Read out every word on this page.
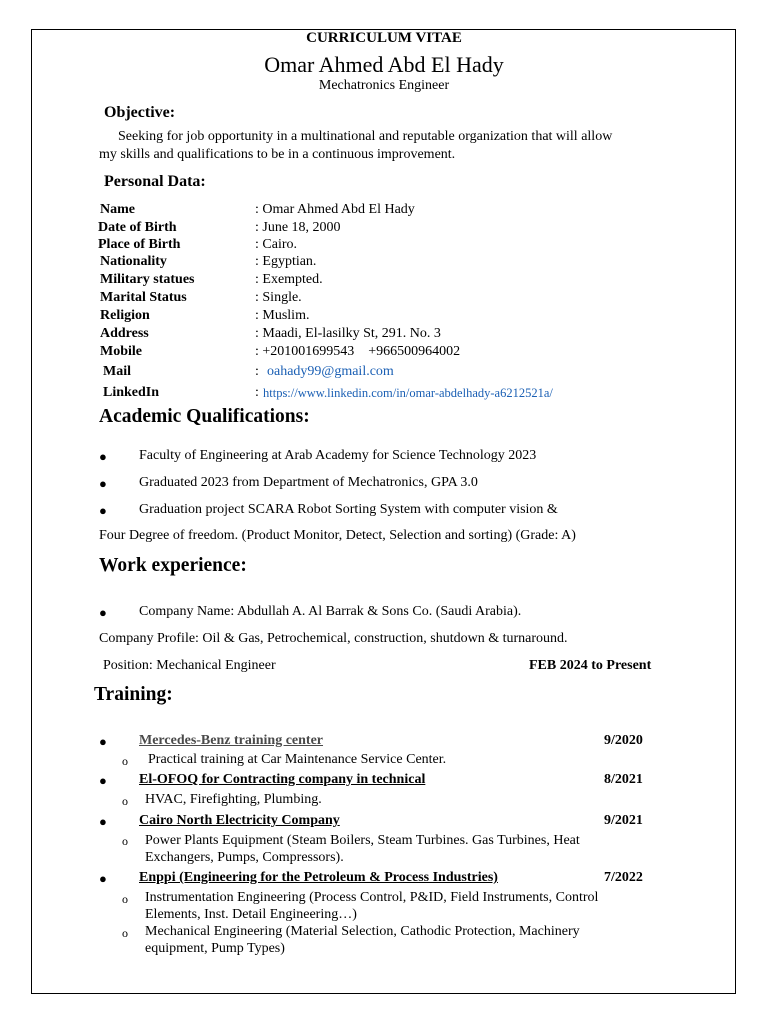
CURRICULUM VITAE
Omar Ahmed Abd El Hady
Mechatronics Engineer
Objective:
Seeking for job opportunity in a multinational and reputable organization that will allow
my skills and qualifications to be in a continuous improvement.
Personal Data:
Name	: Omar Ahmed Abd El Hady
Date of Birth	: June 18, 2000
Place of Birth	: Cairo.
Nationality	: Egyptian.
Military statues	: Exempted.
Marital Status	: Single.
Religion	: Muslim.
Address	: Maadi, El-lasilky St, 291. No. 3
Mobile	: +201001699543    +966500964002
Mail	: oahady99@gmail.com
LinkedIn	: https://www.linkedin.com/in/omar-abdelhady-a6212521a/
Academic Qualifications:
● Faculty of Engineering at Arab Academy for Science Technology 2023
● Graduated 2023 from Department of Mechatronics, GPA 3.0
● Graduation project SCARA Robot Sorting System with computer vision &
Four Degree of freedom. (Product Monitor, Detect, Selection and sorting) (Grade: A)
Work experience:
● Company Name: Abdullah A. Al Barrak & Sons Co. (Saudi Arabia).
Company Profile: Oil & Gas, Petrochemical, construction, shutdown & turnaround.
Position: Mechanical Engineer	FEB 2024 to Present
Training:
● Mercedes-Benz training center	9/2020
o Practical training at Car Maintenance Service Center.
● El-OFOQ for Contracting company in technical	8/2021
o HVAC, Firefighting, Plumbing.
● Cairo North Electricity Company	9/2021
o Power Plants Equipment (Steam Boilers, Steam Turbines. Gas Turbines, Heat
Exchangers, Pumps, Compressors).
● Enppi (Engineering for the Petroleum & Process Industries)	7/2022
o Instrumentation Engineering (Process Control, P&ID, Field Instruments, Control
Elements, Inst. Detail Engineering…)
o Mechanical Engineering (Material Selection, Cathodic Protection, Machinery
equipment, Pump Types)
